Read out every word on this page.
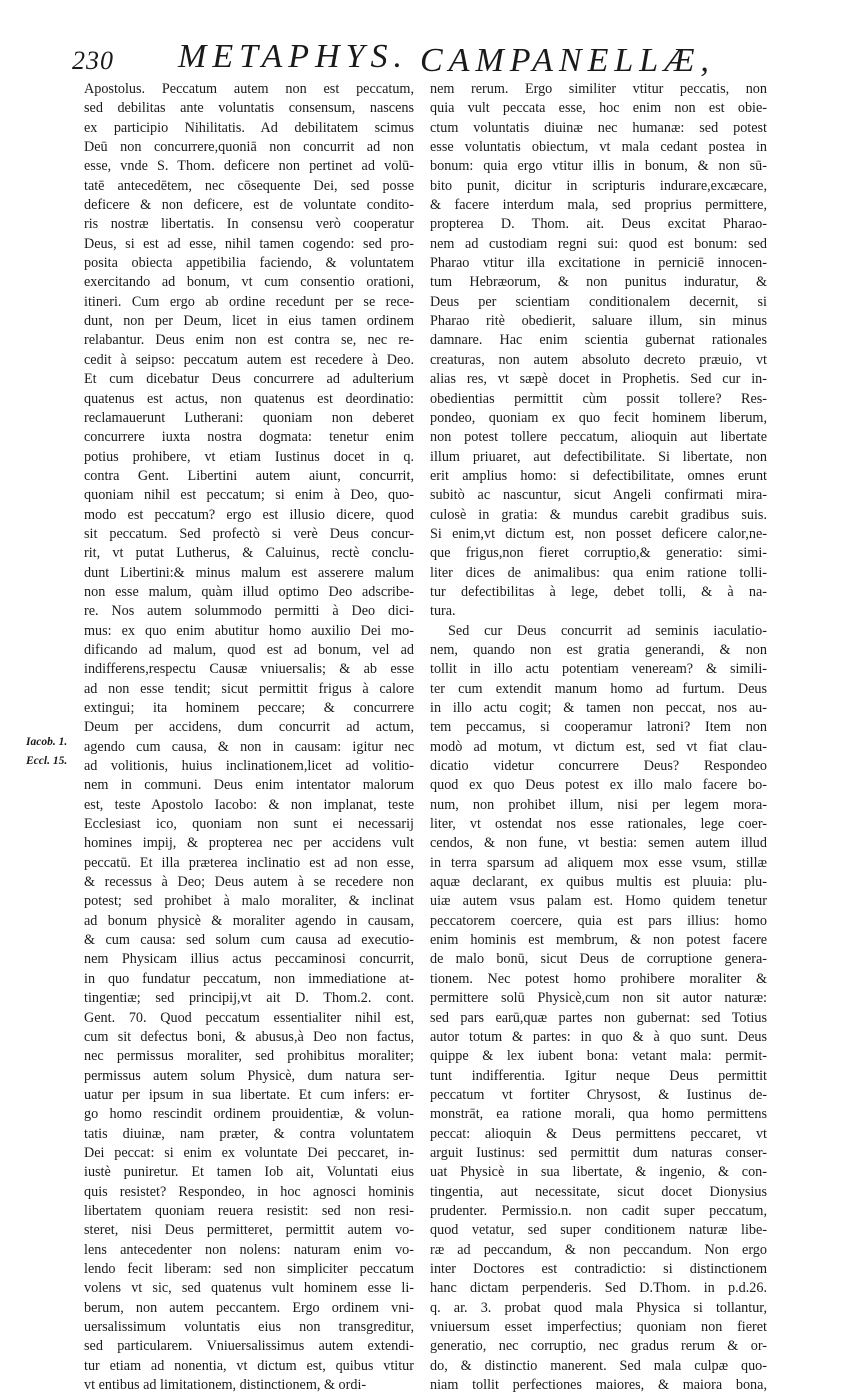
230 METAPHYS. CAMPANELLÆ,
Iacob. 1.
Eccl. 15.
Apostolus. Peccatum autem non est peccatum,
sed debilitas ante voluntatis consensum, nascens
ex participio Nihilitatis. Ad debilitatem scimus
Deū non concurrere,quoniā non concurrit ad non
esse, vnde S. Thom. deficere non pertinet ad volū-
tatē antecedētem, nec cōsequente Dei, sed posse
deficere & non deficere, est de voluntate condito-
ris nostræ libertatis. In consensu verò cooperatur
Deus, si est ad esse, nihil tamen cogendo: sed pro-
posita obiecta appetibilia faciendo, & voluntatem
exercitando ad bonum, vt cum consentio orationi,
itineri. Cum ergo ab ordine recedunt per se rece-
dunt, non per Deum, licet in eius tamen ordinem
relabantur. Deus enim non est contra se, nec re-
cedit à seipso: peccatum autem est recedere à Deo.
Et cum dicebatur Deus concurrere ad adulterium
quatenus est actus, non quatenus est deordinatio:
reclamauerunt Lutherani: quoniam non deberet
concurrere iuxta nostra dogmata: tenetur enim
potius prohibere, vt etiam Iustinus docet in q.
contra Gent. Libertini autem aiunt, concurrit,
quoniam nihil est peccatum; si enim à Deo, quo-
modo est peccatum? ergo est illusio dicere, quod
sit peccatum. Sed profectò si verè Deus concur-
rit, vt putat Lutherus, & Caluinus, rectè conclu-
dunt Libertini:& minus malum est asserere malum
non esse malum, quàm illud optimo Deo adscribe-
re. Nos autem solummodo permitti à Deo dici-
mus: ex quo enim abutitur homo auxilio Dei mo-
dificando ad malum, quod est ad bonum, vel ad
indifferens,respectu Causæ vniuersalis; & ab esse
ad non esse tendit; sicut permittit frigus à calore
extingui; ita hominem peccare; & concurrere
Deum per accidens, dum concurrit ad actum,
agendo cum causa, & non in causam: igitur nec
ad volitionis, huius inclinationem,licet ad volitio-
nem in communi. Deus enim intentator malorum
est, teste Apostolo Iacobo: & non implanat, teste
Ecclesiast ico, quoniam non sunt ei necessarij
homines impij, & propterea nec per accidens vult
peccatū. Et illa præterea inclinatio est ad non esse,
& recessus à Deo; Deus autem à se recedere non
potest; sed prohibet à malo moraliter, & inclinat
ad bonum physicè & moraliter agendo in causam,
& cum causa: sed solum cum causa ad executio-
nem Physicam illius actus peccaminosi concurrit,
in quo fundatur peccatum, non immediatione at-
tingentiæ; sed principij,vt ait D. Thom.2. cont.
Gent. 70. Quod peccatum essentialiter nihil est,
cum sit defectus boni, & abusus,à Deo non factus,
nec permissus moraliter, sed prohibitus moraliter;
permissus autem solum Physicè, dum natura ser-
uatur per ipsum in sua libertate. Et cum infers: er-
go homo rescindit ordinem prouidentiæ, & volun-
tatis diuinæ, nam præter, & contra voluntatem
Dei peccat: si enim ex voluntate Dei peccaret, in-
iustè puniretur. Et tamen Iob ait, Voluntati eius
quis resistet? Respondeo, in hoc agnosci hominis
libertatem quoniam reuera resistit: sed non resi-
steret, nisi Deus permitteret, permittit autem vo-
lens antecedenter non nolens: naturam enim vo-
lendo fecit liberam: sed non simpliciter peccatum
volens vt sic, sed quatenus vult hominem esse li-
berum, non autem peccantem. Ergo ordinem vni-
uersalissimum voluntatis eius non transgreditur,
sed particularem. Vniuersalissimus autem extendi-
tur etiam ad nonentia, vt dictum est, quibus vtitur
vt entibus ad limitationem, distinctionem, & ordi-
nem rerum. Ergo similiter vtitur peccatis, non
quia vult peccata esse, hoc enim non est obie-
ctum voluntatis diuinæ nec humanæ: sed potest
esse voluntatis obiectum, vt mala cedant postea in
bonum: quia ergo vtitur illis in bonum, & non sū-
bito punit, dicitur in scripturis indurare,excæcare,
& facere interdum mala, sed proprius permittere,
propterea D. Thom. ait. Deus excitat Pharao-
nem ad custodiam regni sui: quod est bonum: sed
Pharao vtitur illa excitatione in perniciē innocen-
tum Hebræorum, & non punitus induratur, &
Deus per scientiam conditionalem decernit, si
Pharao ritè obedierit, saluare illum, sin minus
damnare. Hac enim scientia gubernat rationales
creaturas, non autem absoluto decreto præuio, vt
alias res, vt sæpè docet in Prophetis. Sed cur in-
obedientias permittit cùm possit tollere? Res-
pondeo, quoniam ex quo fecit hominem liberum,
non potest tollere peccatum, alioquin aut libertate
illum priuaret, aut defectibilitate. Si libertate, non
erit amplius homo: si defectibilitate, omnes erunt
subitò ac nascuntur, sicut Angeli confirmati mira-
culosè in gratia: & mundus carebit gradibus suis.
Si enim,vt dictum est, non posset deficere calor,ne-
que frigus,non fieret corruptio,& generatio: simi-
liter dices de animalibus: qua enim ratione tolli-
tur defectibilitas à lege, debet tolli, & à na-
tura.
Sed cur Deus concurrit ad seminis iaculatio-
nem, quando non est gratia generandi, & non
tollit in illo actu potentiam veneream? & simili-
ter cum extendit manum homo ad furtum. Deus
in illo actu cogit; & tamen non peccat, nos au-
tem peccamus, si cooperamur latroni? Item non
modò ad motum, vt dictum est, sed vt fiat clau-
dicatio videtur concurrere Deus? Respondeo
quod ex quo Deus potest ex illo malo facere bo-
num, non prohibet illum, nisi per legem mora-
liter, vt ostendat nos esse rationales, lege coer-
cendos, & non fune, vt bestia: semen autem illud
in terra sparsum ad aliquem mox esse vsum, stillæ
aquæ declarant, ex quibus multis est pluuia: plu-
uiæ autem vsus palam est. Homo quidem tenetur
peccatorem coercere, quia est pars illius: homo
enim hominis est membrum, & non potest facere
de malo bonū, sicut Deus de corruptione genera-
tionem. Nec potest homo prohibere moraliter &
permittere solū Physicè,cum non sit autor naturæ:
sed pars earū,quæ partes non gubernat: sed Totius
autor totum & partes: in quo & à quo sunt. Deus
quippe & lex iubent bona: vetant mala: permit-
tunt indifferentia. Igitur neque Deus permittit
peccatum vt fortiter Chrysost, & Iustinus de-
monstrāt, ea ratione morali, qua homo permittens
peccat: alioquin & Deus permittens peccaret, vt
arguit Iustinus: sed permittit dum naturas conser-
uat Physicè in sua libertate, & ingenio, & con-
tingentia, aut necessitate, sicut docet Dionysius
prudenter. Permissio.n. non cadit super peccatum,
quod vetatur, sed super conditionem naturæ libe-
ræ ad peccandum, & non peccandum. Non ergo
inter Doctores est contradictio: si distinctionem
hanc dictam perpenderis. Sed D.Thom. in p.d.26.
q. ar. 3. probat quod mala Physica si tollantur,
vniuersum esset imperfectius; quoniam non fieret
generatio, nec corruptio, nec gradus rerum & or-
do, & distinctio manerent. Sed mala culpæ quo-
niam tollit perfectiones maiores, & maiora bona,
